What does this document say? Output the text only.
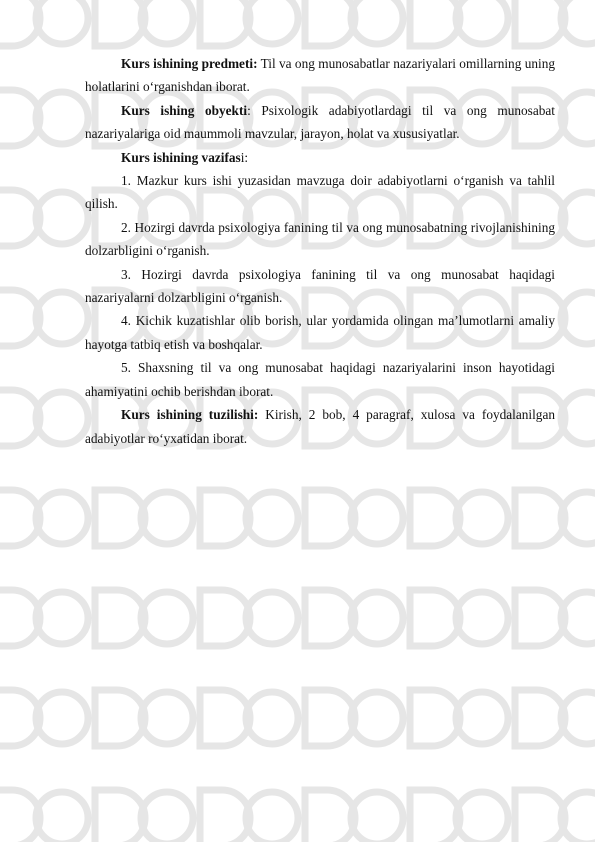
Kurs ishining predmeti: Til va ong munosabatlar nazariyalari omillarning uning holatlarini o‘rganishdan iborat.

Kurs ishing obyekti: Psixologik adabiyotlardagi til va ong munosabat nazariyalariga oid maummoli mavzular, jarayon, holat va xususiyatlar.

Kurs ishining vazifasi:

1. Mazkur kurs ishi yuzasidan mavzuga doir adabiyotlarni o‘rganish va tahlil qilish.

2. Hozirgi davrda psixologiya fanining til va ong munosabatning rivojlanishining dolzarbligini o‘rganish.

3. Hozirgi davrda psixologiya fanining til va ong munosabat haqidagi nazariyalarni dolzarbligini o‘rganish.

4. Kichik kuzatishlar olib borish, ular yordamida olingan ma’lumotlarni amaliy hayotga tatbiq etish va boshqalar.

5. Shaxsning til va ong munosabat haqidagi nazariyalarini inson hayotidagi ahamiyatini ochib berishdan iborat.

Kurs ishining tuzilishi: Kirish, 2 bob, 4 paragraf, xulosa va foydalanilgan adabiyotlar ro‘yxatidan iborat.
